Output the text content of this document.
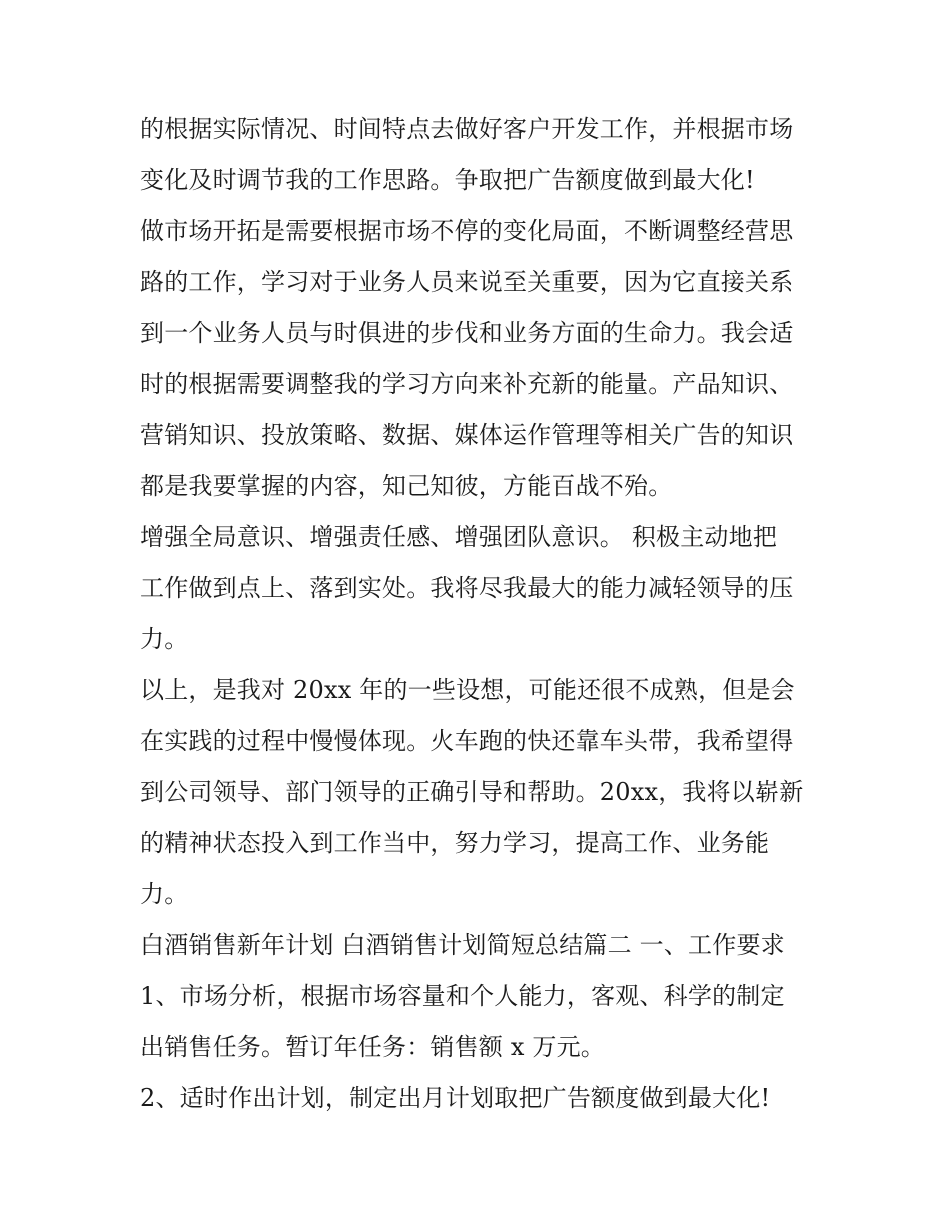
的根据实际情况、时间特点去做好客户开发工作，并根据市场
变化及时调节我的工作思路。争取把广告额度做到最大化!
做市场开拓是需要根据市场不停的变化局面，不断调整经营思
路的工作，学习对于业务人员来说至关重要，因为它直接关系
到一个业务人员与时俱进的步伐和业务方面的生命力。我会适
时的根据需要调整我的学习方向来补充新的能量。产品知识、
营销知识、投放策略、数据、媒体运作管理等相关广告的知识
都是我要掌握的内容，知己知彼，方能百战不殆。
增强全局意识、增强责任感、增强团队意识。 积极主动地把
工作做到点上、落到实处。我将尽我最大的能力减轻领导的压
力。
以上，是我对 20xx 年的一些设想，可能还很不成熟，但是会
在实践的过程中慢慢体现。火车跑的快还靠车头带，我希望得
到公司领导、部门领导的正确引导和帮助。20xx，我将以崭新
的精神状态投入到工作当中，努力学习，提高工作、业务能
力。
白酒销售新年计划 白酒销售计划简短总结篇二 一、工作要求
1、市场分析，根据市场容量和个人能力，客观、科学的制定
出销售任务。暂订年任务：销售额 x 万元。
2、适时作出计划，制定出月计划取把广告额度做到最大化!
